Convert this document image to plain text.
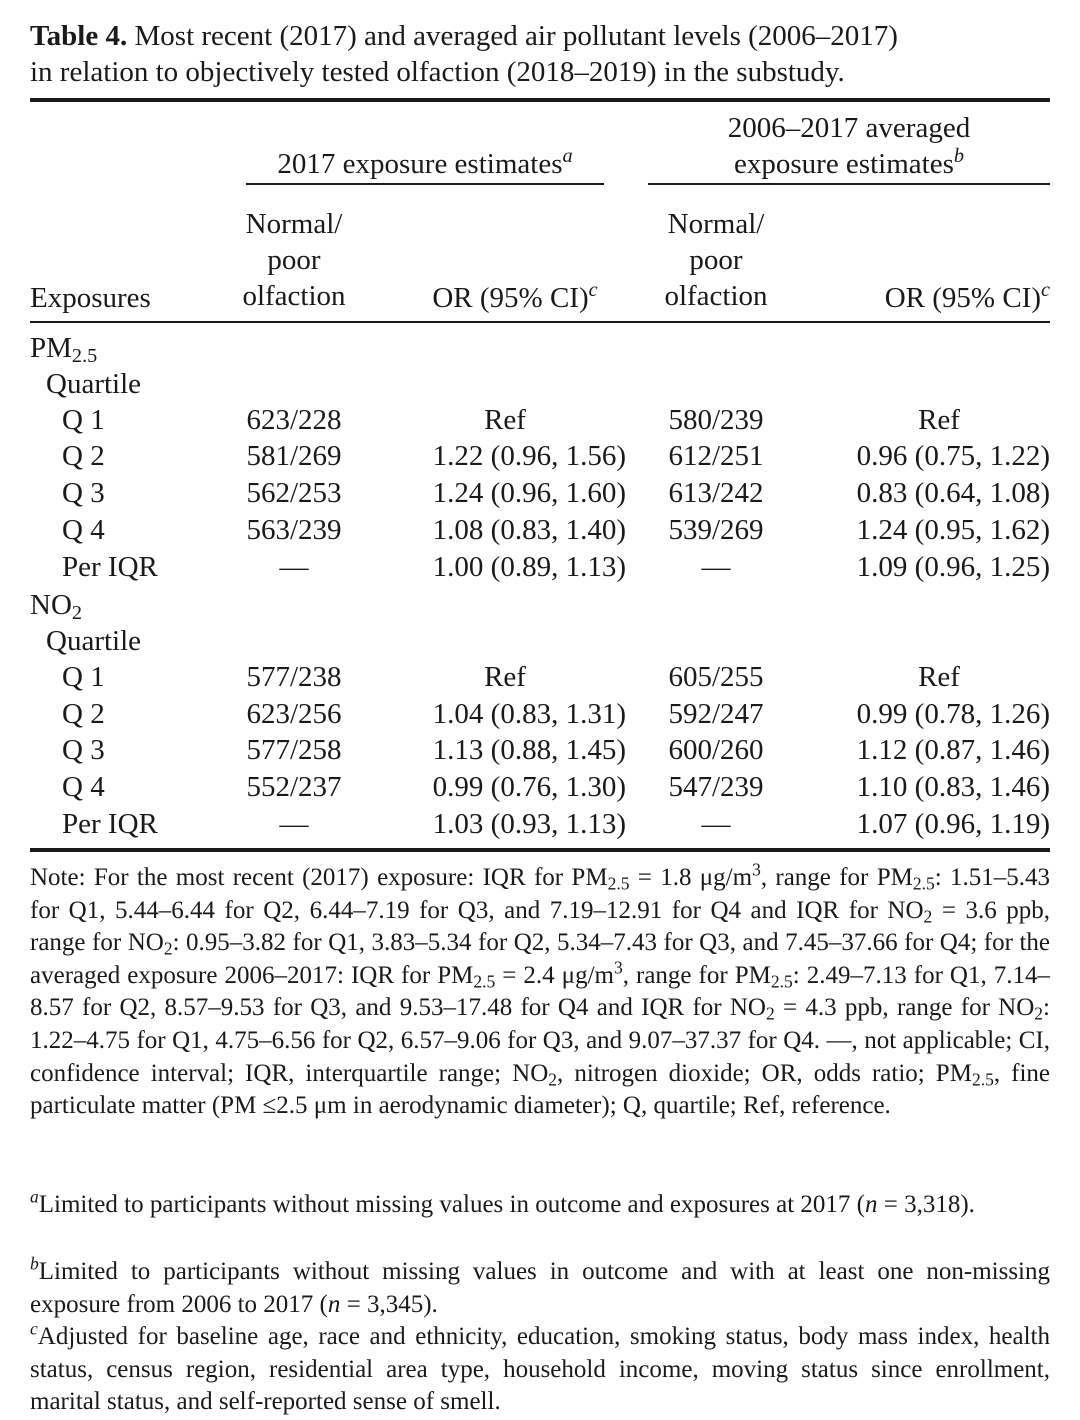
Table 4. Most recent (2017) and averaged air pollutant levels (2006–2017)
in relation to objectively tested olfaction (2018–2019) in the substudy.
2017 exposure estimates$^a$
2006–2017 averaged
exposure estimates$^b$
Exposures
Normal/
poor
olfaction	OR (95% CI)$^c$
Normal/
poor
olfaction	OR (95% CI)$^c$
$PM_{2.5}$
Quartile
Q 1	623/228	Ref	580/239	Ref
Q 2	581/269	1.22 (0.96, 1.56)	612/251	0.96 (0.75, 1.22)
Q 3	562/253	1.24 (0.96, 1.60)	613/242	0.83 (0.64, 1.08)
Q 4	563/239	1.08 (0.83, 1.40)	539/269	1.24 (0.95, 1.62)
Per IQR	—	1.00 (0.89, 1.13)	—	1.09 (0.96, 1.25)
$NO_2$
Quartile
Q 1	577/238	Ref	605/255	Ref
Q 2	623/256	1.04 (0.83, 1.31)	592/247	0.99 (0.78, 1.26)
Q 3	577/258	1.13 (0.88, 1.45)	600/260	1.12 (0.87, 1.46)
Q 4	552/237	0.99 (0.76, 1.30)	547/239	1.10 (0.83, 1.46)
Per IQR	—	1.03 (0.93, 1.13)	—	1.07 (0.96, 1.19)
Note: For the most recent (2017) exposure: IQR for $PM_{2.5} = 1.8$ $\mu g/m^3$, range for $PM_{2.5}$: 1.51–5.43 for Q1, 5.44–6.44 for Q2, 6.44–7.19 for Q3, and 7.19–12.91 for Q4 and IQR for $NO_2 = 3.6$ ppb, range for $NO_2$: 0.95–3.82 for Q1, 3.83–5.34 for Q2, 5.34–7.43 for Q3, and 7.45–37.66 for Q4; for the averaged exposure 2006–2017: IQR for $PM_{2.5} = 2.4$ $\mu g/m^3$, range for $PM_{2.5}$: 2.49–7.13 for Q1, 7.14–8.57 for Q2, 8.57–9.53 for Q3, and 9.53–17.48 for Q4 and IQR for $NO_2 = 4.3$ ppb, range for $NO_2$: 1.22–4.75 for Q1, 4.75–6.56 for Q2, 6.57–9.06 for Q3, and 9.07–37.37 for Q4. —, not applicable; CI, confidence interval; IQR, interquartile range; $NO_2$, nitrogen dioxide; OR, odds ratio; $PM_{2.5}$, fine particulate matter (PM ≤2.5 μm in aerodynamic diameter); Q, quartile; Ref, reference.
$^a$Limited to participants without missing values in outcome and exposures at 2017 (n = 3,318).
$^b$Limited to participants without missing values in outcome and with at least one non-missing exposure from 2006 to 2017 (n = 3,345).
$^c$Adjusted for baseline age, race and ethnicity, education, smoking status, body mass index, health status, census region, residential area type, household income, moving status since enrollment, marital status, and self-reported sense of smell.
